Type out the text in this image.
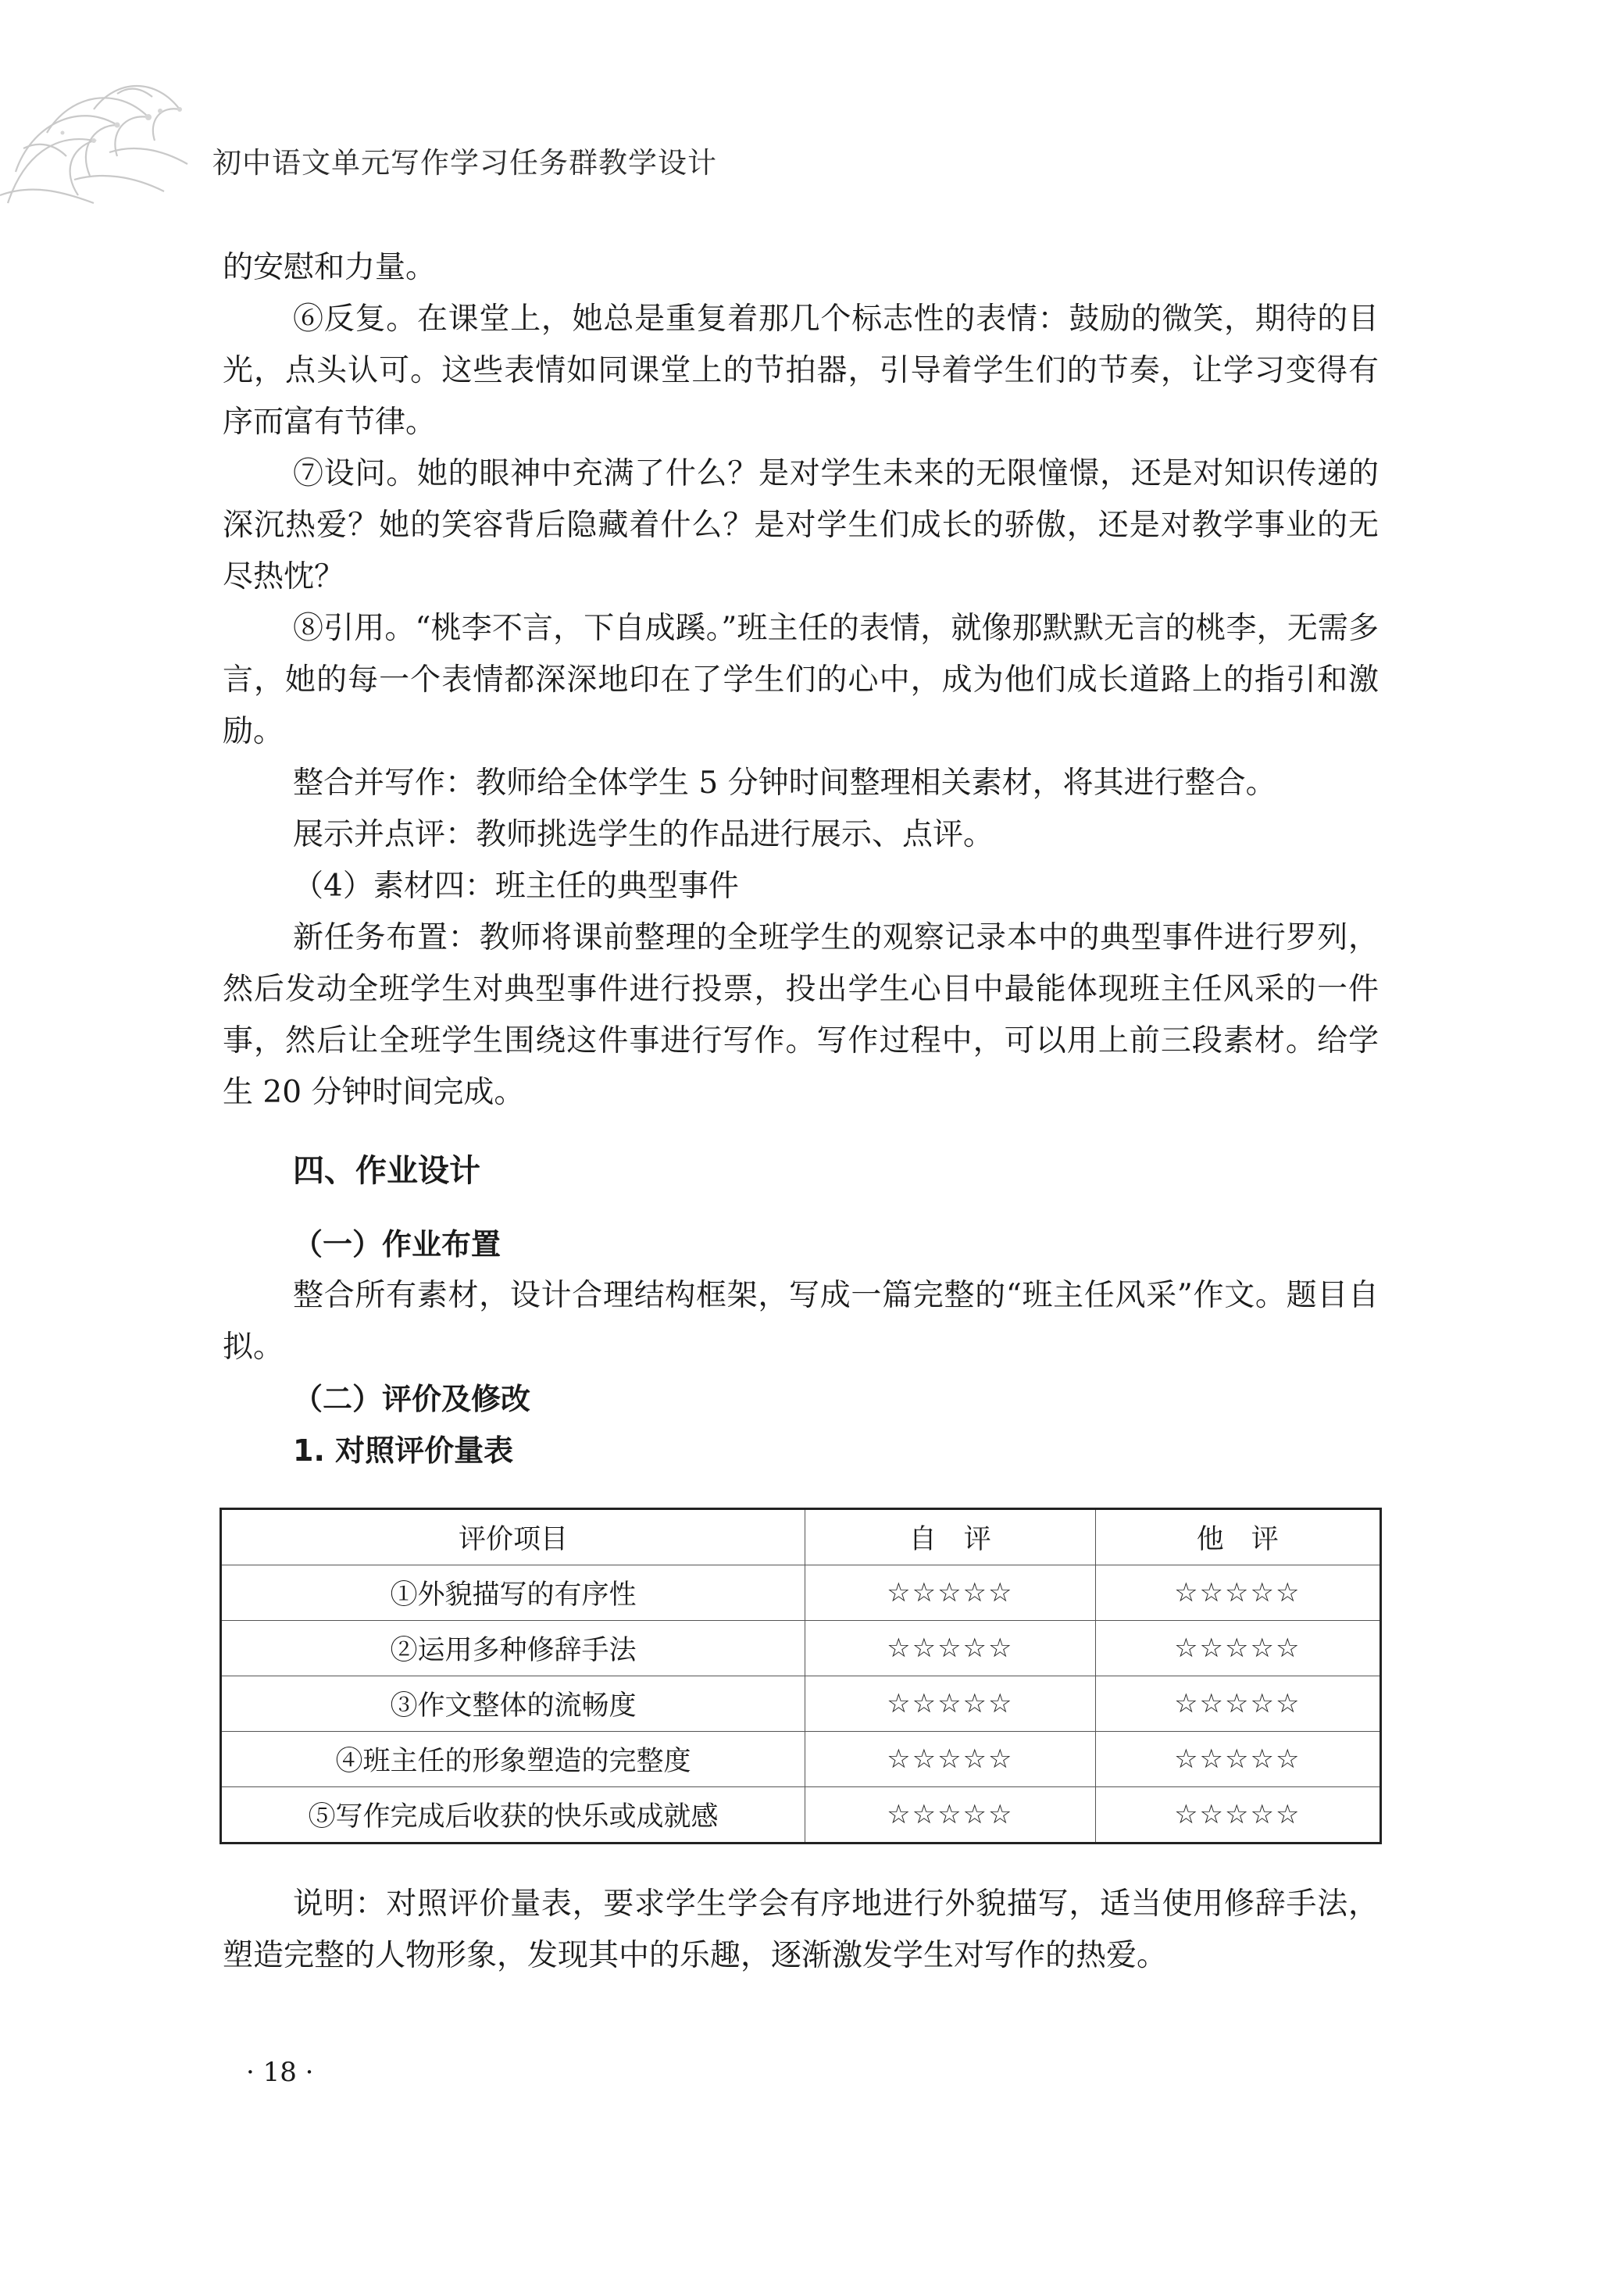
初中语文单元写作学习任务群教学设计

的安慰和力量。

⑥反复。在课堂上，她总是重复着那几个标志性的表情：鼓励的微笑，期待的目光，点头认可。这些表情如同课堂上的节拍器，引导着学生们的节奏，让学习变得有序而富有节律。

⑦设问。她的眼神中充满了什么？是对学生未来的无限憧憬，还是对知识传递的深沉热爱？她的笑容背后隐藏着什么？是对学生们成长的骄傲，还是对教学事业的无尽热忱？

⑧引用。“桃李不言，下自成蹊。”班主任的表情，就像那默默无言的桃李，无需多言，她的每一个表情都深深地印在了学生们的心中，成为他们成长道路上的指引和激励。

整合并写作：教师给全体学生 5 分钟时间整理相关素材，将其进行整合。

展示并点评：教师挑选学生的作品进行展示、点评。

（4）素材四：班主任的典型事件

新任务布置：教师将课前整理的全班学生的观察记录本中的典型事件进行罗列，然后发动全班学生对典型事件进行投票，投出学生心目中最能体现班主任风采的一件事，然后让全班学生围绕这件事进行写作。写作过程中，可以用上前三段素材。给学生 20 分钟时间完成。

四、作业设计
（一）作业布置

整合所有素材，设计合理结构框架，写成一篇完整的“班主任风采”作文。题目自拟。

（二）评价及修改
1. 对照评价量表
评价项目	自　评	他　评
①外貌描写的有序性	☆☆☆☆☆	☆☆☆☆☆
②运用多种修辞手法	☆☆☆☆☆	☆☆☆☆☆
③作文整体的流畅度	☆☆☆☆☆	☆☆☆☆☆
④班主任的形象塑造的完整度	☆☆☆☆☆	☆☆☆☆☆
⑤写作完成后收获的快乐或成就感	☆☆☆☆☆	☆☆☆☆☆

说明：对照评价量表，要求学生学会有序地进行外貌描写，适当使用修辞手法，塑造完整的人物形象，发现其中的乐趣，逐渐激发学生对写作的热爱。

· 18 ·
